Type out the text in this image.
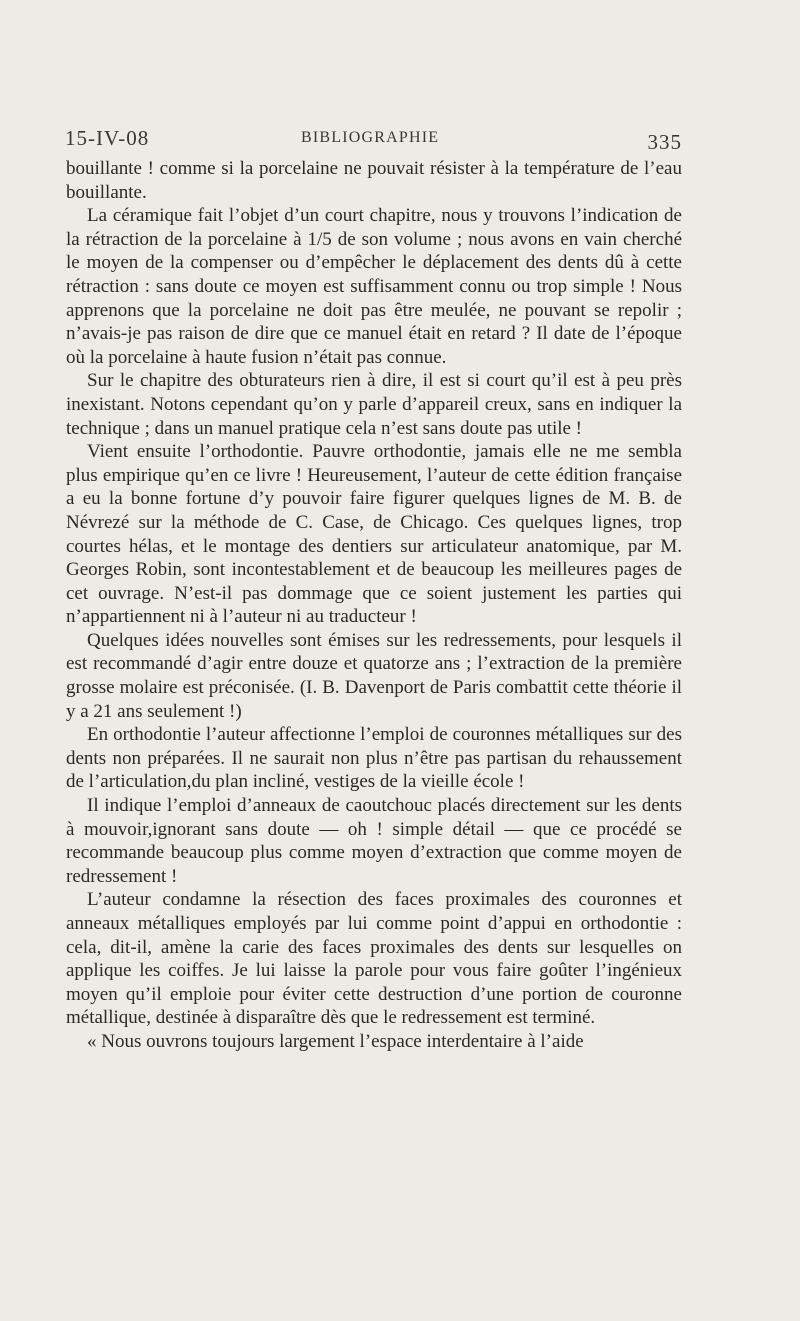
15-IV-08	BIBLIOGRAPHIE	335

bouillante ! comme si la porcelaine ne pouvait résister à la température de l’eau bouillante.

La céramique fait l’objet d’un court chapitre, nous y trouvons l’indication de la rétraction de la porcelaine à 1/5 de son volume ; nous avons en vain cherché le moyen de la compenser ou d’empêcher le déplacement des dents dû à cette rétraction : sans doute ce moyen est suffisamment connu ou trop simple ! Nous apprenons que la porcelaine ne doit pas être meulée, ne pouvant se repolir ; n’avais-je pas raison de dire que ce manuel était en retard ? Il date de l’époque où la porcelaine à haute fusion n’était pas connue.

Sur le chapitre des obturateurs rien à dire, il est si court qu’il est à peu près inexistant. Notons cependant qu’on y parle d’appareil creux, sans en indiquer la technique ; dans un manuel pratique cela n’est sans doute pas utile !

Vient ensuite l’orthodontie. Pauvre orthodontie, jamais elle ne me sembla plus empirique qu’en ce livre ! Heureusement, l’auteur de cette édition française a eu la bonne fortune d’y pouvoir faire figurer quelques lignes de M. B. de Névrezé sur la méthode de C. Case, de Chicago. Ces quelques lignes, trop courtes hélas, et le montage des dentiers sur articulateur anatomique, par M. Georges Robin, sont incontestablement et de beaucoup les meilleures pages de cet ouvrage. N’est-il pas dommage que ce soient justement les parties qui n’appartiennent ni à l’auteur ni au traducteur !

Quelques idées nouvelles sont émises sur les redressements, pour lesquels il est recommandé d’agir entre douze et quatorze ans ; l’extraction de la première grosse molaire est préconisée. (I. B. Davenport de Paris combattit cette théorie il y a 21 ans seulement !)

En orthodontie l’auteur affectionne l’emploi de couronnes métalliques sur des dents non préparées. Il ne saurait non plus n’être pas partisan du rehaussement de l’articulation,du plan incliné, vestiges de la vieille école !

Il indique l’emploi d’anneaux de caoutchouc placés directement sur les dents à mouvoir,ignorant sans doute — oh ! simple détail — que ce procédé se recommande beaucoup plus comme moyen d’extraction que comme moyen de redressement !

L’auteur condamne la résection des faces proximales des couronnes et anneaux métalliques employés par lui comme point d’appui en orthodontie : cela, dit-il, amène la carie des faces proximales des dents sur lesquelles on applique les coiffes. Je lui laisse la parole pour vous faire goûter l’ingénieux moyen qu’il emploie pour éviter cette destruction d’une portion de couronne métallique, destinée à disparaître dès que le redressement est terminé.

« Nous ouvrons toujours largement l’espace interdentaire à l’aide
